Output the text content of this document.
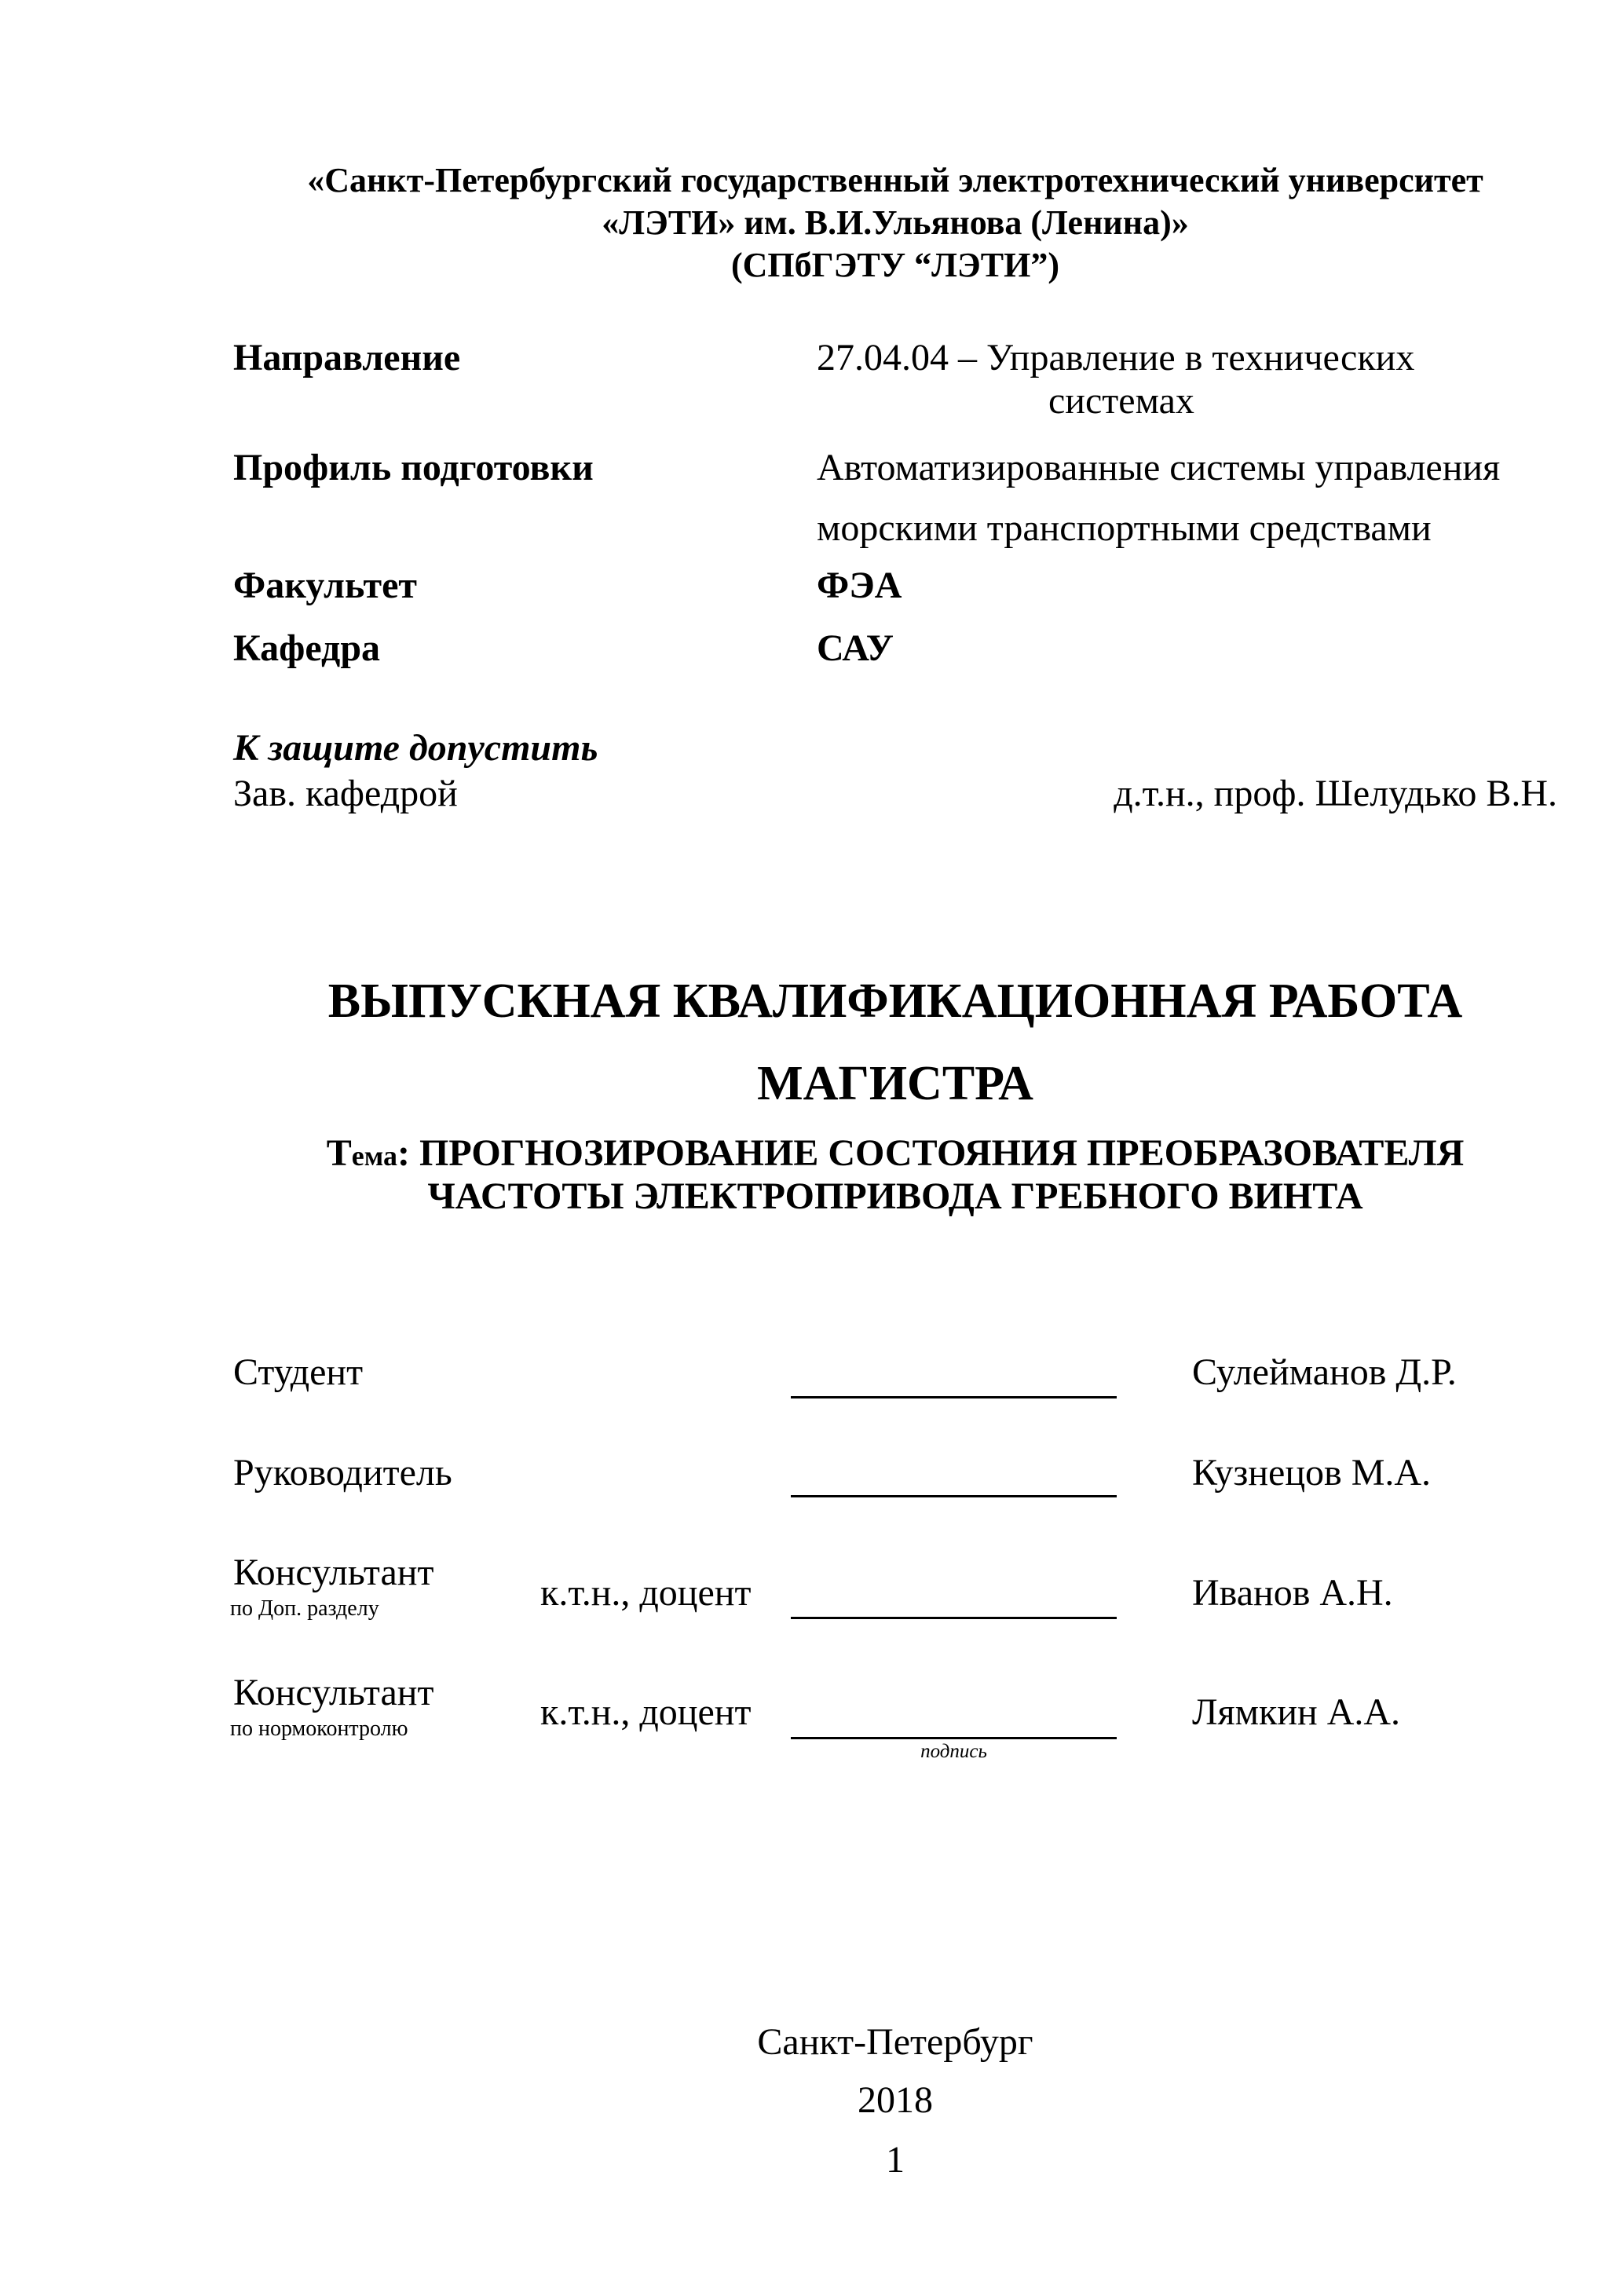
«Санкт-Петербургский государственный электротехнический университет
«ЛЭТИ» им. В.И.Ульянова (Ленина)»
(СПбГЭТУ “ЛЭТИ”)
Направление	27.04.04 – Управление в технических
системах
Профиль подготовки	Автоматизированные системы управления
морскими транспортными средствами
Факультет	ФЭА
Кафедра	САУ
К защите допустить
Зав. кафедрой	д.т.н., проф. Шелудько В.Н.
ВЫПУСКНАЯ КВАЛИФИКАЦИОННАЯ РАБОТА
МАГИСТРА
Тема: ПРОГНОЗИРОВАНИЕ СОСТОЯНИЯ ПРЕОБРАЗОВАТЕЛЯ
ЧАСТОТЫ ЭЛЕКТРОПРИВОДА ГРЕБНОГО ВИНТА
Студент	Сулейманов Д.Р.
Руководитель	Кузнецов М.А.
Консультант
по Доп. разделу	к.т.н., доцент	Иванов А.Н.
Консультант
по нормоконтролю	к.т.н., доцент	Лямкин А.А.
подпись
Санкт-Петербург
2018
1
